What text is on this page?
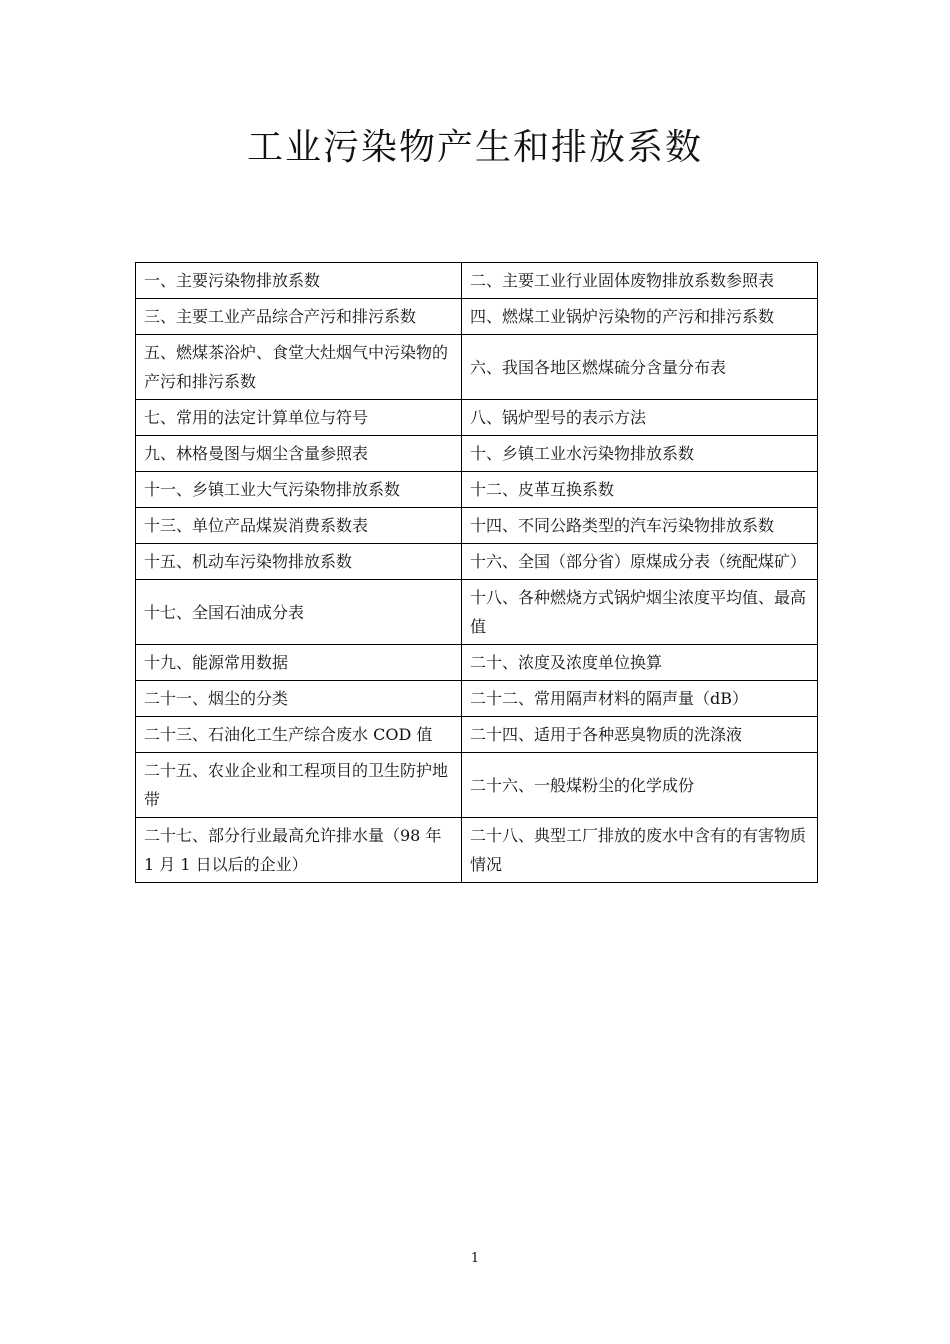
工业污染物产生和排放系数
一、主要污染物排放系数	二、主要工业行业固体废物排放系数参照表
三、主要工业产品综合产污和排污系数	四、燃煤工业锅炉污染物的产污和排污系数
五、燃煤茶浴炉、食堂大灶烟气中污染物的产污和排污系数	六、我国各地区燃煤硫分含量分布表
七、常用的法定计算单位与符号	八、锅炉型号的表示方法
九、林格曼图与烟尘含量参照表	十、乡镇工业水污染物排放系数
十一、乡镇工业大气污染物排放系数	十二、皮革互换系数
十三、单位产品煤炭消费系数表	十四、不同公路类型的汽车污染物排放系数
十五、机动车污染物排放系数	十六、全国（部分省）原煤成分表（统配煤矿）
十七、全国石油成分表	十八、各种燃烧方式锅炉烟尘浓度平均值、最高值
十九、能源常用数据	二十、浓度及浓度单位换算
二十一、烟尘的分类	二十二、常用隔声材料的隔声量（dB）
二十三、石油化工生产综合废水 COD 值	二十四、适用于各种恶臭物质的洗涤液
二十五、农业企业和工程项目的卫生防护地带	二十六、一般煤粉尘的化学成份
二十七、部分行业最高允许排水量（98 年 1 月 1 日以后的企业）	二十八、典型工厂排放的废水中含有的有害物质情况
1
